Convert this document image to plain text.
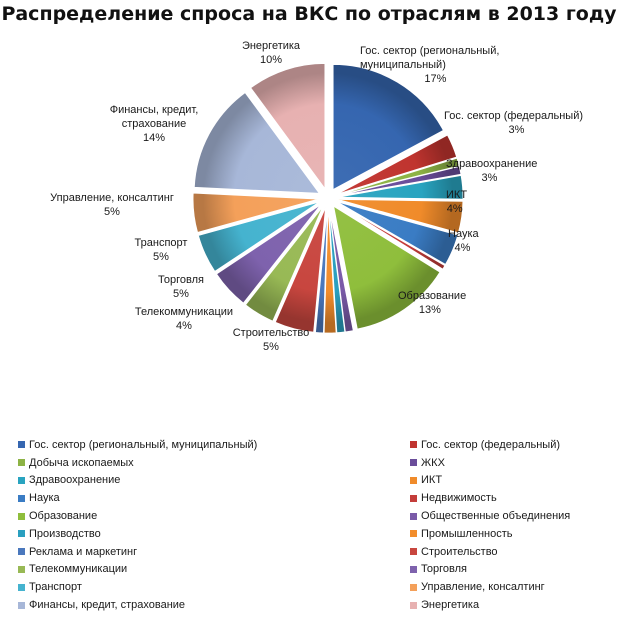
Распределение спроса на ВКС по отраслям в 2013 году
Гос. сектор (региональный, муниципальный) 17%
Гос. сектор (федеральный) 3%
Здравоохранение 3%
ИКТ 4%
Наука 4%
Образование 13%
Строительство 5%
Телекоммуникации 4%
Торговля 5%
Транспорт 5%
Управление, консалтинг 5%
Финансы, кредит, страхование 14%
Энергетика 10%
Гос. сектор (региональный, муниципальный)	Гос. сектор (федеральный)
Добыча ископаемых	ЖКХ
Здравоохранение	ИКТ
Наука	Недвижимость
Образование	Общественные объединения
Производство	Промышленность
Реклама и маркетинг	Строительство
Телекоммуникации	Торговля
Транспорт	Управление, консалтинг
Финансы, кредит, страхование	Энергетика
